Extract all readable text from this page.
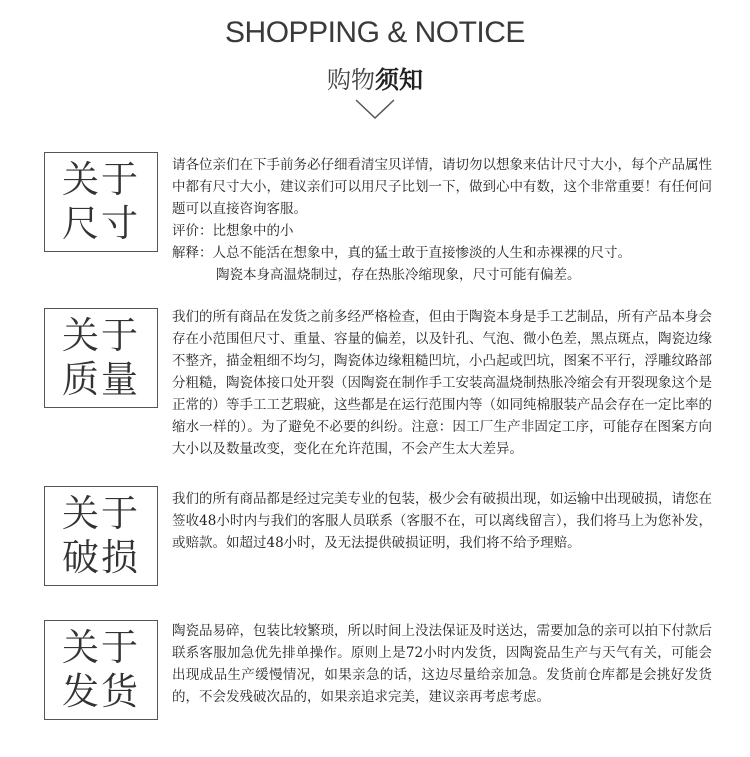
SHOPPING & NOTICE
购物须知
关于
尺寸

请各位亲们在下手前务必仔细看清宝贝详情，请切勿以想象来估计尺寸大小，每个产品属性中都有尺寸大小，建议亲们可以用尺子比划一下，做到心中有数，这个非常重要！有任何问题可以直接咨询客服。

评价：比想象中的小

解释：人总不能活在想象中，真的猛士敢于直接惨淡的人生和赤裸裸的尺寸。

陶瓷本身高温烧制过，存在热胀冷缩现象，尺寸可能有偏差。

关于
质量

我们的所有商品在发货之前多经严格检查，但由于陶瓷本身是手工艺制品，所有产品本身会存在小范围但尺寸、重量、容量的偏差，以及针孔、气泡、微小色差，黑点斑点，陶瓷边缘不整齐，描金粗细不均匀，陶瓷体边缘粗糙凹坑，小凸起或凹坑，图案不平行，浮雕纹路部分粗糙，陶瓷体接口处开裂（因陶瓷在制作手工安装高温烧制热胀冷缩会有开裂现象这个是正常的）等手工工艺瑕疵，这些都是在运行范围内等（如同纯棉服装产品会存在一定比率的缩水一样的）。为了避免不必要的纠纷。注意：因工厂生产非固定工序，可能存在图案方向大小以及数量改变，变化在允许范围，不会产生太大差异。

关于
破损

我们的所有商品都是经过完美专业的包装，极少会有破损出现，如运输中出现破损，请您在签收48小时内与我们的客服人员联系（客服不在，可以离线留言），我们将马上为您补发，或赔款。如超过48小时，及无法提供破损证明，我们将不给予理赔。

关于
发货

陶瓷品易碎，包装比较繁琐，所以时间上没法保证及时送达，需要加急的亲可以拍下付款后联系客服加急优先排单操作。原则上是72小时内发货，因陶瓷品生产与天气有关，可能会出现成品生产缓慢情况，如果亲急的话，这边尽量给亲加急。发货前仓库都是会挑好发货的，不会发残破次品的，如果亲追求完美，建议亲再考虑考虑。
